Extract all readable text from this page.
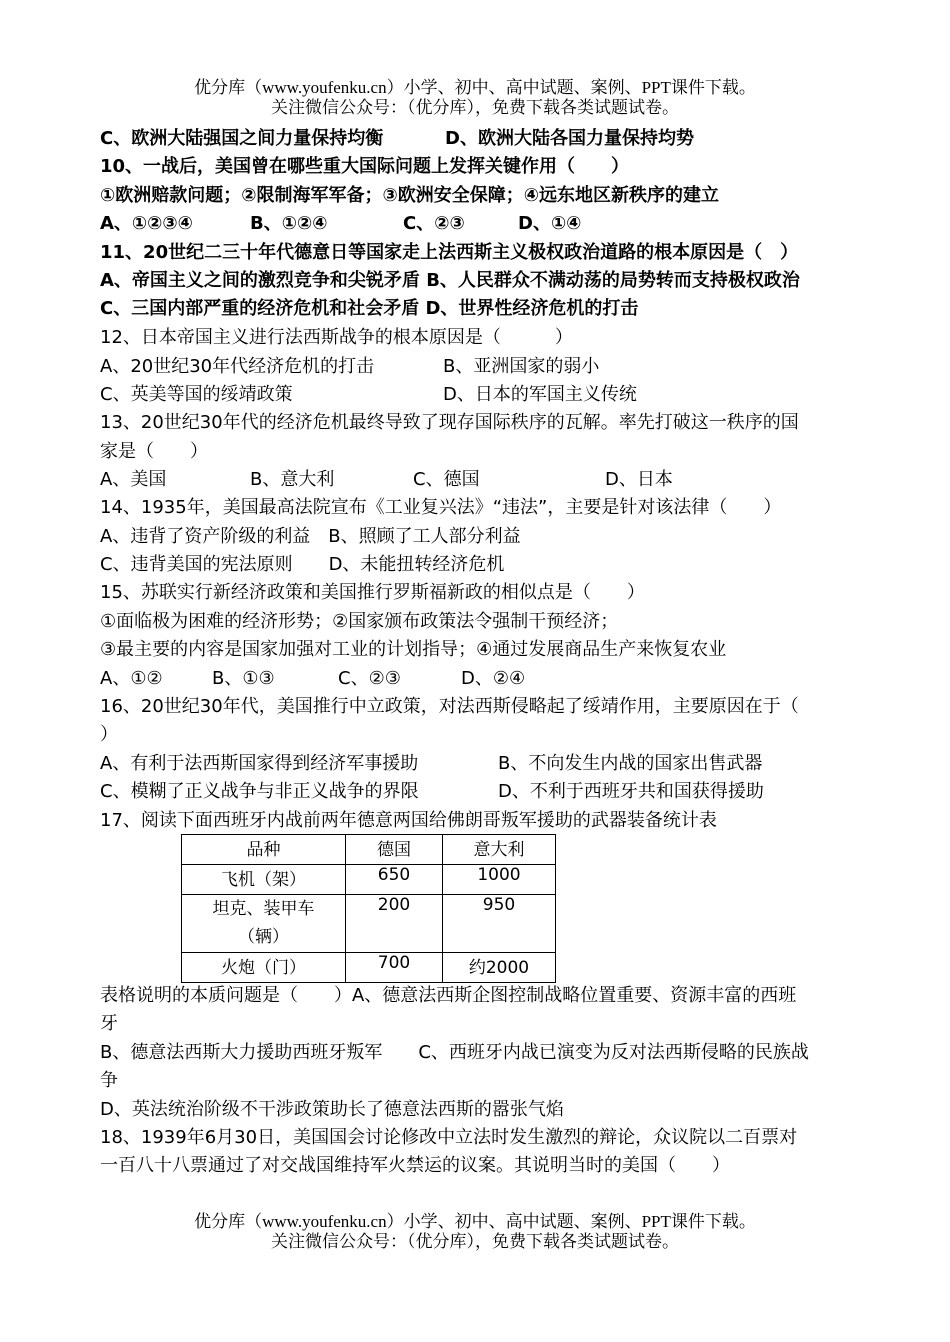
优分库（www.youfenku.cn）小学、初中、高中试题、案例、PPT课件下载。
关注微信公众号：（优分库），免费下载各类试题试卷。
C、欧洲大陆强国之间力量保持均衡	D、欧洲大陆各国力量保持均势
10、一战后，美国曾在哪些重大国际问题上发挥关键作用（　　）
①欧洲赔款问题；②限制海军军备；③欧洲安全保障；④远东地区新秩序的建立
A、①②③④	B、①②④	C、②③	D、①④
11、20世纪二三十年代德意日等国家走上法西斯主义极权政治道路的根本原因是（　）
A、帝国主义之间的激烈竞争和尖锐矛盾 B、人民群众不满动荡的局势转而支持极权政治
C、三国内部严重的经济危机和社会矛盾 D、世界性经济危机的打击
12、日本帝国主义进行法西斯战争的根本原因是（　　　）
A、20世纪30年代经济危机的打击	B、亚洲国家的弱小
C、英美等国的绥靖政策	D、日本的军国主义传统
13、20世纪30年代的经济危机最终导致了现存国际秩序的瓦解。率先打破这一秩序的国
家是（　　）
A、美国	B、意大利	C、德国	D、日本
14、1935年，美国最高法院宣布《工业复兴法》“违法”，主要是针对该法律（　　）
A、违背了资产阶级的利益　B、照顾了工人部分利益
C、违背美国的宪法原则　　D、未能扭转经济危机
15、苏联实行新经济政策和美国推行罗斯福新政的相似点是（　　）
①面临极为困难的经济形势；②国家颁布政策法令强制干预经济；
③最主要的内容是国家加强对工业的计划指导；④通过发展商品生产来恢复农业
A、①②	B、①③	C、②③	D、②④
16、20世纪30年代，美国推行中立政策，对法西斯侵略起了绥靖作用，主要原因在于（
）
A、有利于法西斯国家得到经济军事援助	B、不向发生内战的国家出售武器
C、模糊了正义战争与非正义战争的界限	D、不利于西班牙共和国获得援助
17、阅读下面西班牙内战前两年德意两国给佛朗哥叛军援助的武器装备统计表
品种	德国	意大利
飞机（架）	650	1000
坦克、装甲车（辆）	200	950
火炮（门）	700	约2000
表格说明的本质问题是（　　）A、德意法西斯企图控制战略位置重要、资源丰富的西班
牙
B、德意法西斯大力援助西班牙叛军　　C、西班牙内战已演变为反对法西斯侵略的民族战
争
D、英法统治阶级不干涉政策助长了德意法西斯的嚣张气焰
18、1939年6月30日，美国国会讨论修改中立法时发生激烈的辩论，众议院以二百票对
一百八十八票通过了对交战国维持军火禁运的议案。其说明当时的美国（　　）
优分库（www.youfenku.cn）小学、初中、高中试题、案例、PPT课件下载。
关注微信公众号：（优分库），免费下载各类试题试卷。
